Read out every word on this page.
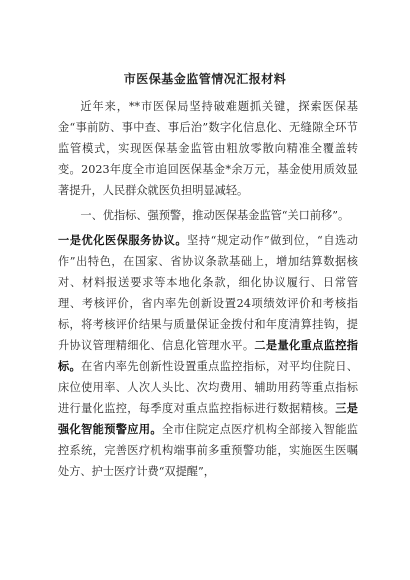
市医保基金监管情况汇报材料

近年来，**市医保局坚持破难题抓关键，探索医保基金“事前防、事中查、事后治”数字化信息化、无缝隙全环节监管模式，实现医保基金监管由粗放零散向精准全覆盖转变。2023年度全市追回医保基金*余万元，基金使用质效显著提升，人民群众就医负担明显减轻。

一、优指标、强预警，推动医保基金监管“关口前移”。

一是优化医保服务协议。坚持“规定动作”做到位，“自选动作”出特色，在国家、省协议条款基础上，增加结算数据核对、材料报送要求等本地化条款，细化协议履行、日常管理、考核评价，省内率先创新设置24项绩效评价和考核指标，将考核评价结果与质量保证金拨付和年度清算挂钩，提升协议管理精细化、信息化管理水平。二是量化重点监控指标。在省内率先创新性设置重点监控指标，对平均住院日、床位使用率、人次人头比、次均费用、辅助用药等重点指标进行量化监控，每季度对重点监控指标进行数据精核。三是强化智能预警应用。全市住院定点医疗机构全部接入智能监控系统，完善医疗机构端事前多重预警功能，实施医生医嘱处方、护士医疗计费“双提醒”，
